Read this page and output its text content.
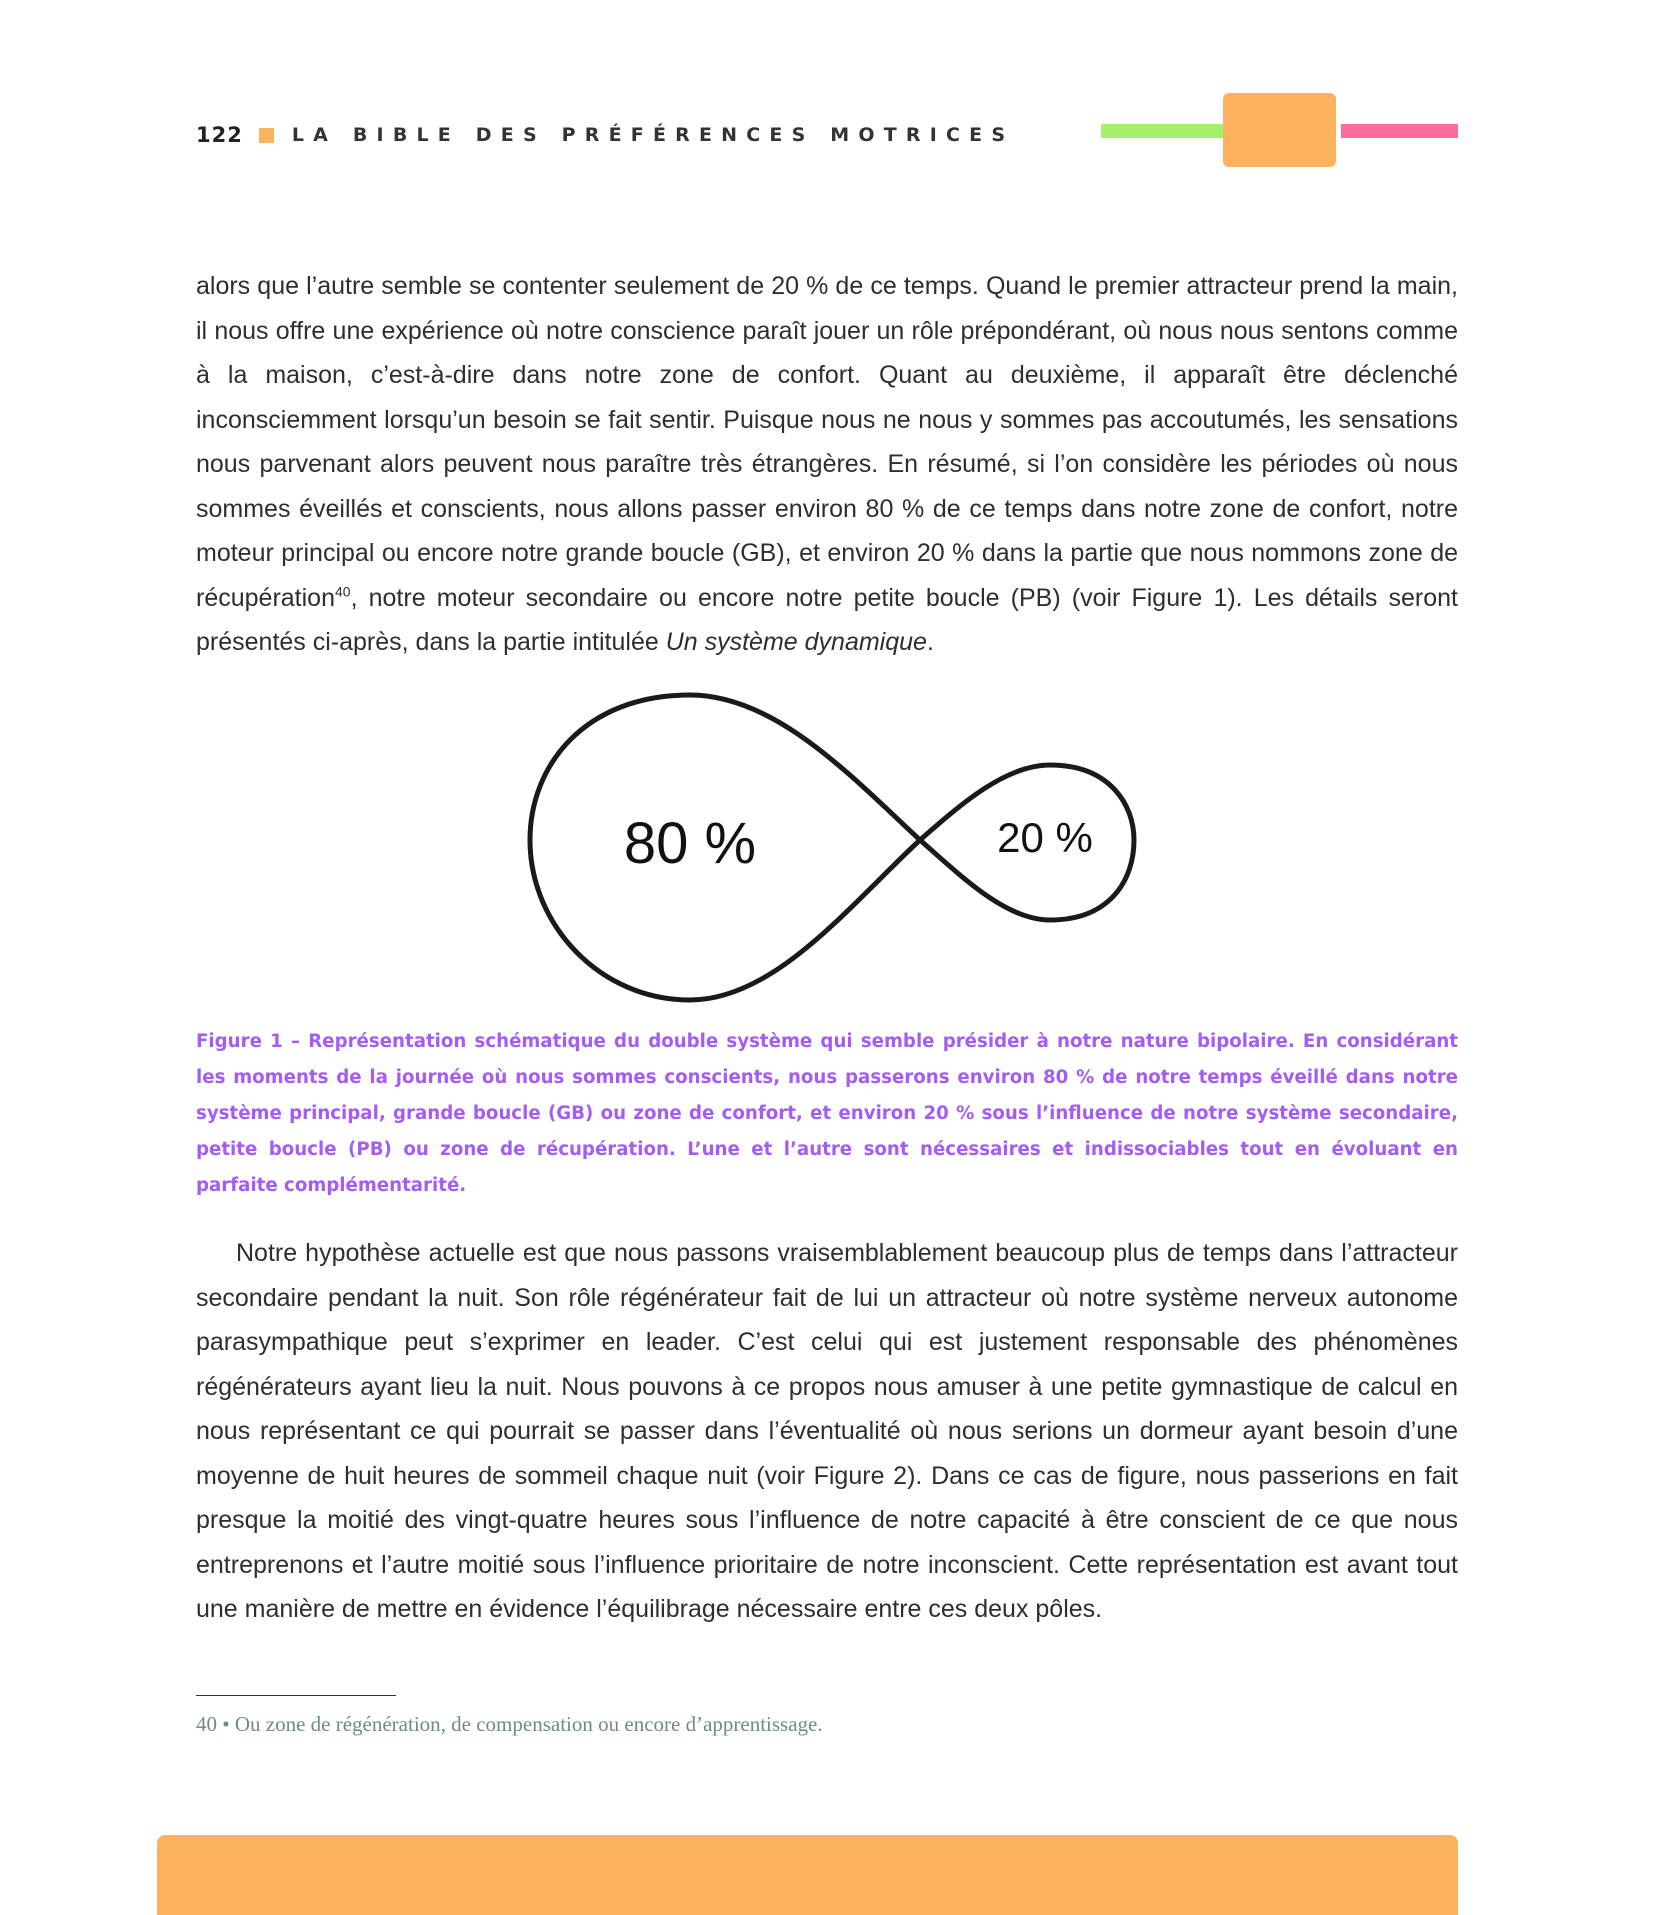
122	LA BIBLE DES PRÉFÉRENCES MOTRICES

alors que l’autre semble se contenter seulement de 20 % de ce temps. Quand le premier attracteur prend la main, il nous offre une expérience où notre conscience paraît jouer un rôle prépondérant, où nous nous sentons comme à la maison, c’est-à-dire dans notre zone de confort. Quant au deuxième, il apparaît être déclenché inconsciemment lorsqu’un besoin se fait sentir. Puisque nous ne nous y sommes pas accoutumés, les sensations nous parvenant alors peuvent nous paraître très étrangères. En résumé, si l’on considère les périodes où nous sommes éveillés et conscients, nous allons passer environ 80 % de ce temps dans notre zone de confort, notre moteur principal ou encore notre grande boucle (GB), et environ 20 % dans la partie que nous nommons zone de récupération$^{40}$, notre moteur secondaire ou encore notre petite boucle (PB) (voir Figure 1). Les détails seront présentés ci-après, dans la partie intitulée Un système dynamique.

80 %	20 %

Figure 1 – Représentation schématique du double système qui semble présider à notre nature bipolaire. En considérant les moments de la journée où nous sommes conscients, nous passerons environ 80 % de notre temps éveillé dans notre système principal, grande boucle (GB) ou zone de confort, et environ 20 % sous l’influence de notre système secondaire, petite boucle (PB) ou zone de récupération. L’une et l’autre sont nécessaires et indissociables tout en évoluant en parfaite complémentarité.

Notre hypothèse actuelle est que nous passons vraisemblablement beaucoup plus de temps dans l’attracteur secondaire pendant la nuit. Son rôle régénérateur fait de lui un attracteur où notre système nerveux autonome parasympathique peut s’exprimer en leader. C’est celui qui est justement responsable des phénomènes régénérateurs ayant lieu la nuit. Nous pouvons à ce propos nous amuser à une petite gymnastique de calcul en nous représentant ce qui pourrait se passer dans l’éventualité où nous serions un dormeur ayant besoin d’une moyenne de huit heures de sommeil chaque nuit (voir Figure 2). Dans ce cas de figure, nous passerions en fait presque la moitié des vingt-quatre heures sous l’influence de notre capacité à être conscient de ce que nous entreprenons et l’autre moitié sous l’influence prioritaire de notre inconscient. Cette représentation est avant tout une manière de mettre en évidence l’équilibrage nécessaire entre ces deux pôles.

40 • Ou zone de régénération, de compensation ou encore d’apprentissage.
